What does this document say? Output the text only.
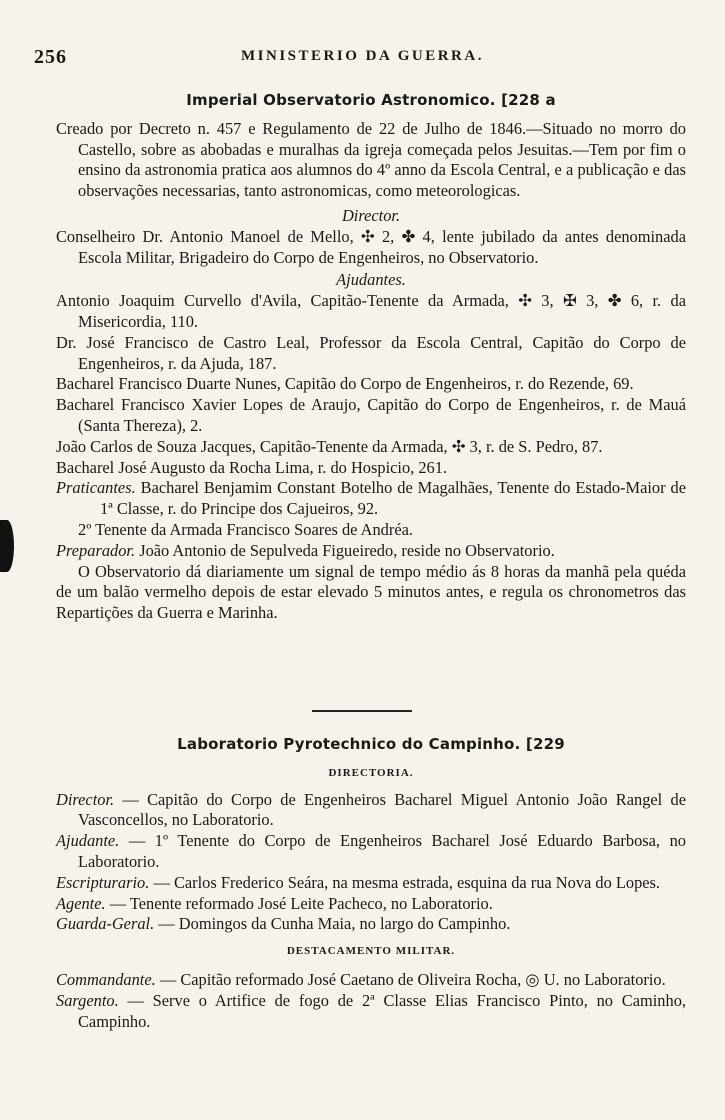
256	MINISTERIO DA GUERRA.
Imperial Observatorio Astronomico. [228 a
Creado por Decreto n. 457 e Regulamento de 22 de Julho de 1846.—Situado no morro do Castello, sobre as abobadas e muralhas da igreja começada pelos Jesuitas.—Tem por fim o ensino da astronomia pratica aos alumnos do 4º anno da Escola Central, e a publicação e das observações necessarias, tanto astronomicas, como meteorologicas.
Director.
Conselheiro Dr. Antonio Manoel de Mello, ✣ 2, ✤ 4, lente jubilado da antes denominada Escola Militar, Brigadeiro do Corpo de Engenheiros, no Observatorio.
Ajudantes.
Antonio Joaquim Curvello d'Avila, Capitão-Tenente da Armada, ✣ 3, ✠ 3, ✤ 6, r. da Misericordia, 110.
Dr. José Francisco de Castro Leal, Professor da Escola Central, Capitão do Corpo de Engenheiros, r. da Ajuda, 187.
Bacharel Francisco Duarte Nunes, Capitão do Corpo de Engenheiros, r. do Rezende, 69.
Bacharel Francisco Xavier Lopes de Araujo, Capitão do Corpo de Engenheiros, r. de Mauá (Santa Thereza), 2.
João Carlos de Souza Jacques, Capitão-Tenente da Armada, ✣ 3, r. de S. Pedro, 87.
Bacharel José Augusto da Rocha Lima, r. do Hospicio, 261.
Praticantes. Bacharel Benjamim Constant Botelho de Magalhães, Tenente do Estado-Maior de 1ª Classe, r. do Principe dos Cajueiros, 92.
2º Tenente da Armada Francisco Soares de Andréa.
Preparador. João Antonio de Sepulveda Figueiredo, reside no Observatorio.
O Observatorio dá diariamente um signal de tempo médio ás 8 horas da manhã pela quéda de um balão vermelho depois de estar elevado 5 minutos antes, e regula os chronometros das Repartições da Guerra e Marinha.
Laboratorio Pyrotechnico do Campinho. [229
DIRECTORIA.
Director. — Capitão do Corpo de Engenheiros Bacharel Miguel Antonio João Rangel de Vasconcellos, no Laboratorio.
Ajudante. — 1º Tenente do Corpo de Engenheiros Bacharel José Eduardo Barbosa, no Laboratorio.
Escripturario. — Carlos Frederico Seára, na mesma estrada, esquina da rua Nova do Lopes.
Agente. — Tenente reformado José Leite Pacheco, no Laboratorio.
Guarda-Geral. — Domingos da Cunha Maia, no largo do Campinho.
DESTACAMENTO MILITAR.
Commandante. — Capitão reformado José Caetano de Oliveira Rocha, ◎ U. no Laboratorio.
Sargento. — Serve o Artifice de fogo de 2ª Classe Elias Francisco Pinto, no Caminho, Campinho.
